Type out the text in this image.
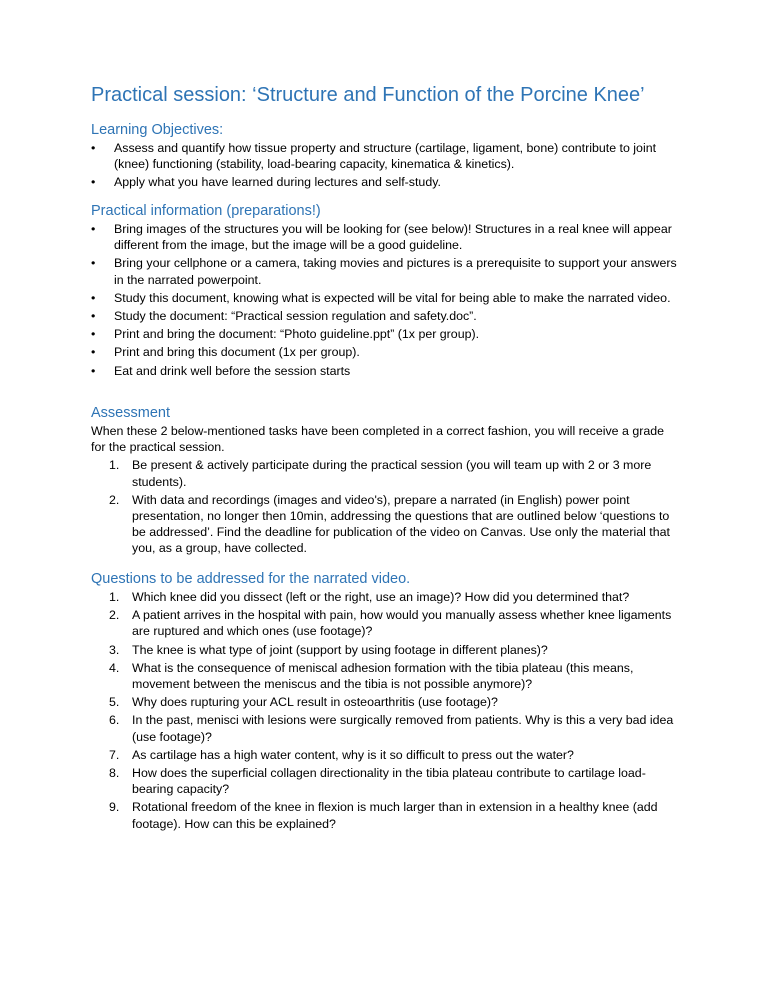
Practical session: ‘Structure and Function of the Porcine Knee’
Learning Objectives:
• Assess and quantify how tissue property and structure (cartilage, ligament, bone) contribute to joint (knee) functioning (stability, load-bearing capacity, kinematica & kinetics).
• Apply what you have learned during lectures and self-study.
Practical information (preparations!)
• Bring images of the structures you will be looking for (see below)! Structures in a real knee will appear different from the image, but the image will be a good guideline.
• Bring your cellphone or a camera, taking movies and pictures is a prerequisite to support your answers in the narrated powerpoint.
• Study this document, knowing what is expected will be vital for being able to make the narrated video.
• Study the document: “Practical session regulation and safety.doc”.
• Print and bring the document: “Photo guideline.ppt” (1x per group).
• Print and bring this document (1x per group).
• Eat and drink well before the session starts
Assessment

When these 2 below-mentioned tasks have been completed in a correct fashion, you will receive a grade for the practical session.

1. Be present & actively participate during the practical session (you will team up with 2 or 3 more students).
2. With data and recordings (images and video's), prepare a narrated (in English) power point presentation, no longer then 10min, addressing the questions that are outlined below ‘questions to be addressed’. Find the deadline for publication of the video on Canvas. Use only the material that you, as a group, have collected.
Questions to be addressed for the narrated video.
1. Which knee did you dissect (left or the right, use an image)? How did you determined that?
2. A patient arrives in the hospital with pain, how would you manually assess whether knee ligaments are ruptured and which ones (use footage)?
3. The knee is what type of joint (support by using footage in different planes)?
4. What is the consequence of meniscal adhesion formation with the tibia plateau (this means, movement between the meniscus and the tibia is not possible anymore)?
5. Why does rupturing your ACL result in osteoarthritis (use footage)?
6. In the past, menisci with lesions were surgically removed from patients. Why is this a very bad idea (use footage)?
7. As cartilage has a high water content, why is it so difficult to press out the water?
8. How does the superficial collagen directionality in the tibia plateau contribute to cartilage load-bearing capacity?
9. Rotational freedom of the knee in flexion is much larger than in extension in a healthy knee (add footage). How can this be explained?
